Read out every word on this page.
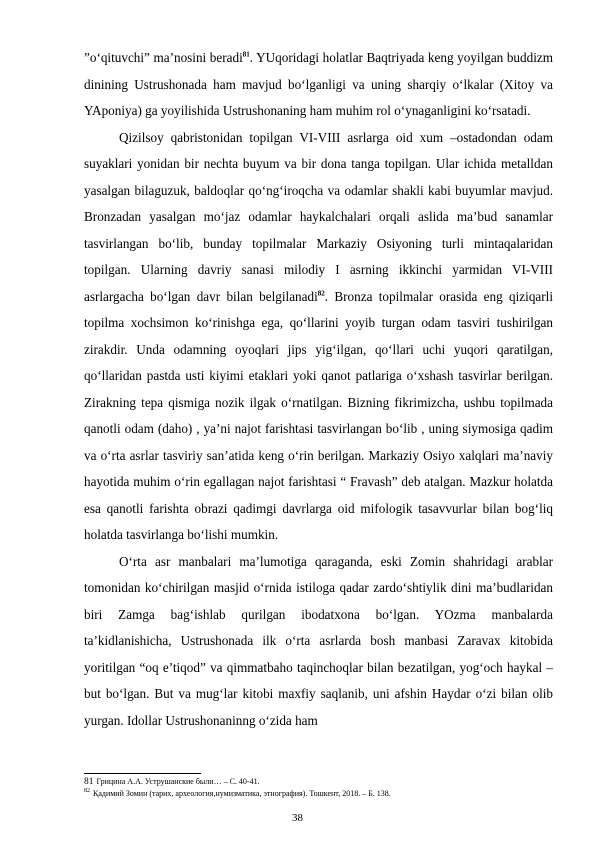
”o‘qituvchi” ma’nosini beradi$^{81}$. YUqoridagi holatlar Baqtriyada keng yoyilgan buddizm dinining Ustrushonada ham mavjud bo‘lganligi va uning sharqiy o‘lkalar (Xitoy va YAponiya) ga yoyilishida Ustrushonaning ham muhim rol o‘ynaganligini ko‘rsatadi.

Qizilsoy qabristonidan topilgan VI-VIII asrlarga oid xum –ostadondan odam suyaklari yonidan bir nechta buyum va bir dona tanga topilgan. Ular ichida metalldan yasalgan bilaguzuk, baldoqlar qo‘ng‘iroqcha va odamlar shakli kabi buyumlar mavjud. Bronzadan yasalgan mo‘jaz odamlar haykalchalari orqali aslida ma’bud sanamlar tasvirlangan bo‘lib, bunday topilmalar Markaziy Osiyoning turli mintaqalaridan topilgan. Ularning davriy sanasi milodiy I asrning ikkinchi yarmidan VI-VIII asrlargacha bo‘lgan davr bilan belgilanadi$^{82}$. Bronza topilmalar orasida eng qiziqarli topilma xochsimon ko‘rinishga ega, qo‘llarini yoyib turgan odam tasviri tushirilgan zirakdir. Unda odamning oyoqlari jips yig‘ilgan, qo‘llari uchi yuqori qaratilgan, qo‘llaridan pastda usti kiyimi etaklari yoki qanot patlariga o‘xshash tasvirlar berilgan. Zirakning tepa qismiga nozik ilgak o‘rnatilgan. Bizning fikrimizcha, ushbu topilmada qanotli odam (daho) , ya’ni najot farishtasi tasvirlangan bo‘lib , uning siymosiga qadim va o‘rta asrlar tasviriy san’atida keng o‘rin berilgan. Markaziy Osiyo xalqlari ma’naviy hayotida muhim o‘rin egallagan najot farishtasi “ Fravash” deb atalgan. Mazkur holatda esa qanotli farishta obrazi qadimgi davrlarga oid mifologik tasavvurlar bilan bog‘liq holatda tasvirlanga bo‘lishi mumkin.

O‘rta asr manbalari ma’lumotiga qaraganda, eski Zomin shahridagi arablar tomonidan ko‘chirilgan masjid o‘rnida istiloga qadar zardo‘shtiylik dini ma’budlaridan biri Zamga bag‘ishlab qurilgan ibodatxona bo‘lgan. YOzma manbalarda ta’kidlanishicha, Ustrushonada ilk o‘rta asrlarda bosh manbasi Zaravax kitobida yoritilgan “oq e’tiqod” va qimmatbaho taqinchoqlar bilan bezatilgan, yog‘och haykal – but bo‘lgan. But va mug‘lar kitobi maxfiy saqlanib, uni afshin Haydar o‘zi bilan olib yurgan. Idollar Ustrushonaninng o‘zida ham

81 Грицина А.А. Уструшанские были… – С. 40-41.

$^{82}$ Қадимий Зомин (тарих, археология,нумизматика, этнография). Тошкент, 2018. – Б. 138.

38
